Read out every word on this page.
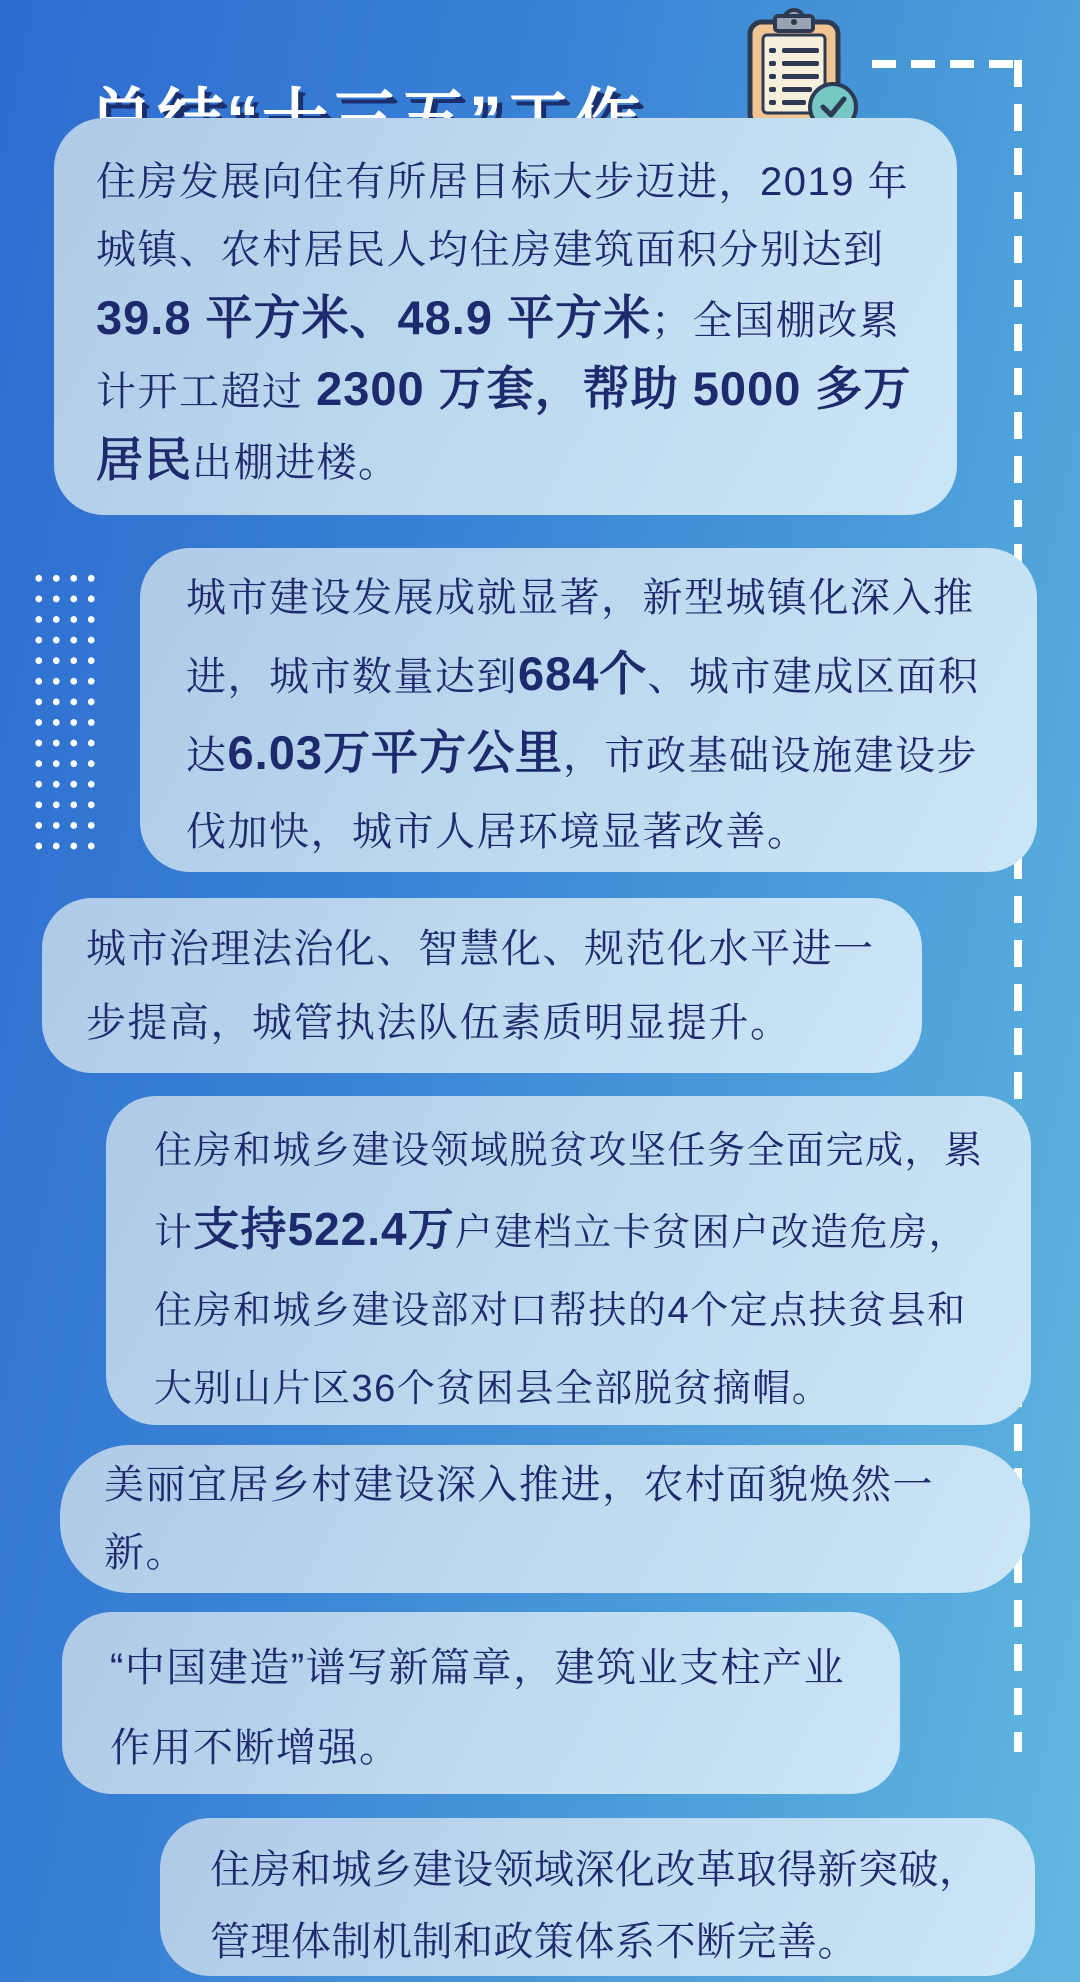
住房发展向住有所居目标大步迈进，2019 年城镇、农村居民人均住房建筑面积分别达到 39.8 平方米、48.9 平方米；全国棚改累计开工超过 2300 万套，帮助 5000 多万居民出棚进楼。
城市建设发展成就显著，新型城镇化深入推进，城市数量达到684个、城市建成区面积达6.03万平方公里，市政基础设施建设步伐加快，城市人居环境显著改善。
城市治理法治化、智慧化、规范化水平进一步提高，城管执法队伍素质明显提升。
住房和城乡建设领域脱贫攻坚任务全面完成，累计支持522.4万户建档立卡贫困户改造危房，住房和城乡建设部对口帮扶的4个定点扶贫县和大别山片区36个贫困县全部脱贫摘帽。
美丽宜居乡村建设深入推进，农村面貌焕然一新。
“中国建造”谱写新篇章，建筑业支柱产业作用不断增强。
住房和城乡建设领域深化改革取得新突破，管理体制机制和政策体系不断完善。
